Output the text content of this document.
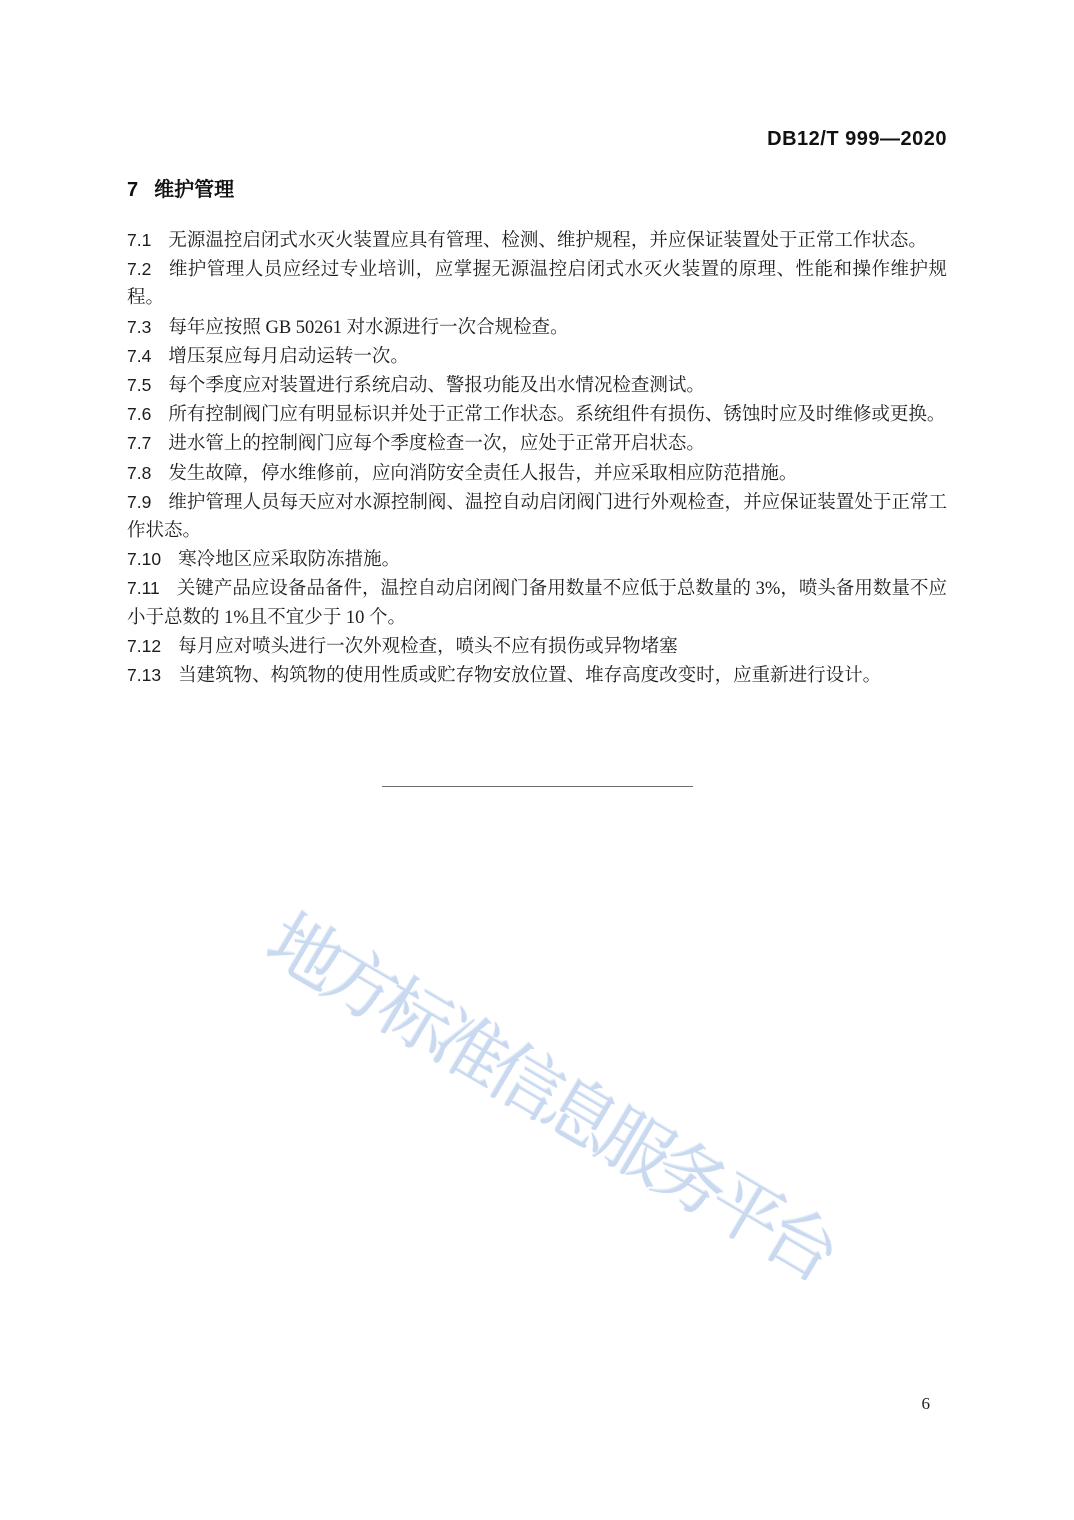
DB12/T 999—2020
7 维护管理

7.1 无源温控启闭式水灭火装置应具有管理、检测、维护规程，并应保证装置处于正常工作状态。

7.2 维护管理人员应经过专业培训，应掌握无源温控启闭式水灭火装置的原理、性能和操作维护规程。

7.3 每年应按照 GB 50261 对水源进行一次合规检查。

7.4 增压泵应每月启动运转一次。

7.5 每个季度应对装置进行系统启动、警报功能及出水情况检查测试。

7.6 所有控制阀门应有明显标识并处于正常工作状态。系统组件有损伤、锈蚀时应及时维修或更换。

7.7 进水管上的控制阀门应每个季度检查一次，应处于正常开启状态。

7.8 发生故障，停水维修前，应向消防安全责任人报告，并应采取相应防范措施。

7.9 维护管理人员每天应对水源控制阀、温控自动启闭阀门进行外观检查，并应保证装置处于正常工作状态。

7.10 寒冷地区应采取防冻措施。

7.11 关键产品应设备品备件，温控自动启闭阀门备用数量不应低于总数量的 3%，喷头备用数量不应小于总数的 1%且不宜少于 10 个。

7.12 每月应对喷头进行一次外观检查，喷头不应有损伤或异物堵塞

7.13 当建筑物、构筑物的使用性质或贮存物安放位置、堆存高度改变时，应重新进行设计。

地方标准信息服务平台
6
